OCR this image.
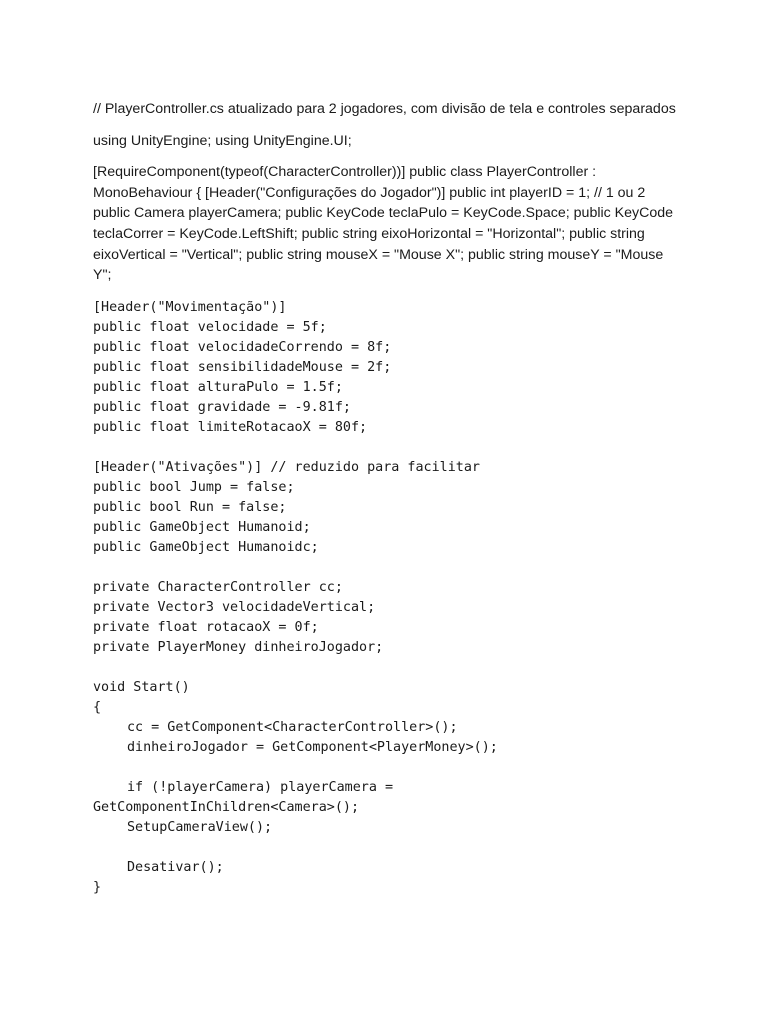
// PlayerController.cs atualizado para 2 jogadores, com divisão de tela e controles separados

using UnityEngine; using UnityEngine.UI;

[RequireComponent(typeof(CharacterController))] public class PlayerController : MonoBehaviour { [Header("Configurações do Jogador")] public int playerID = 1; // 1 ou 2 public Camera playerCamera; public KeyCode teclaPulo = KeyCode.Space; public KeyCode teclaCorrer = KeyCode.LeftShift; public string eixoHorizontal = "Horizontal"; public string eixoVertical = "Vertical"; public string mouseX = "Mouse X"; public string mouseY = "Mouse Y";

[Header("Movimentação")]
public float velocidade = 5f;
public float velocidadeCorrendo = 8f;
public float sensibilidadeMouse = 2f;
public float alturaPulo = 1.5f;
public float gravidade = -9.81f;
public float limiteRotacaoX = 80f;
[Header("Ativações")] // reduzido para facilitar
public bool Jump = false;
public bool Run = false;
public GameObject Humanoid;
public GameObject Humanoidc;
private CharacterController cc;
private Vector3 velocidadeVertical;
private float rotacaoX = 0f;
private PlayerMoney dinheiroJogador;
void Start()
{
cc = GetComponent<CharacterController>();
dinheiroJogador = GetComponent<PlayerMoney>();

if (!playerCamera) playerCamera =
GetComponentInChildren<Camera>();
SetupCameraView();

Desativar();
}
